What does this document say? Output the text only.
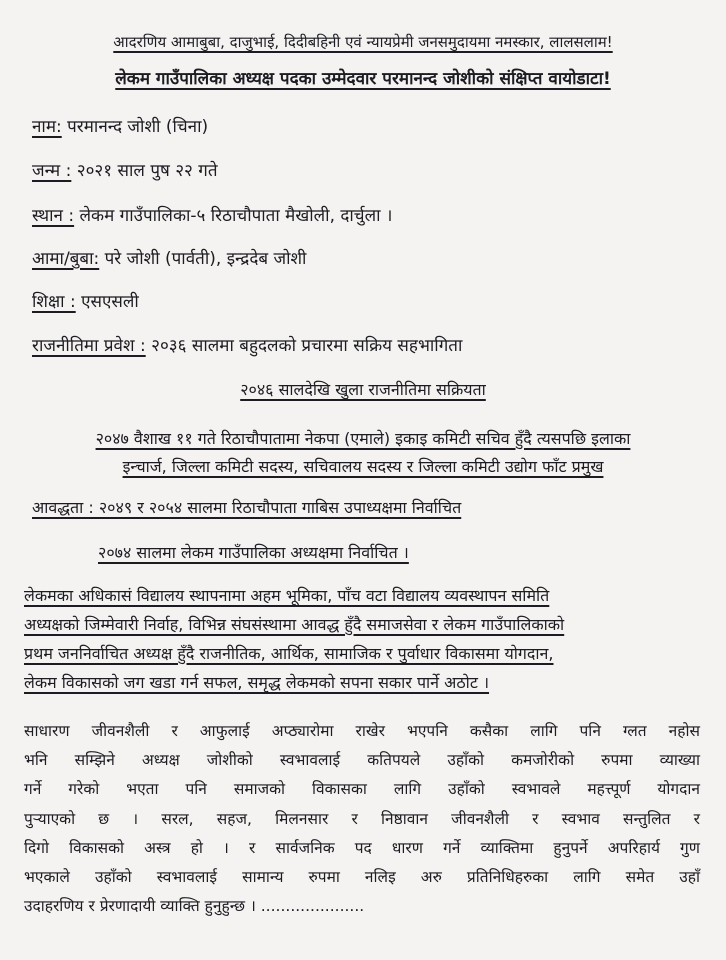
आदरणिय आमाबुबा, दाजुभाई, दिदीबहिनी एवं न्यायप्रेमी जनसमुदायमा नमस्कार, लालसलाम!
लेकम गाउँपालिका अध्यक्ष पदका उम्मेदवार परमानन्द जोशीको संक्षिप्त वायोडाटा!
नाम: परमानन्द जोशी (चिना)
जन्म : २०२१ साल पुष २२ गते
स्थान : लेकम गाउँपालिका-५ रिठाचौपाता मैखोली, दार्चुला ।
आमा/बुबा: परे जोशी (पार्वती), इन्द्रदेब जोशी
शिक्षा : एसएसली
राजनीतिमा प्रवेश : २०३६ सालमा बहुदलको प्रचारमा सक्रिय सहभागिता
२०४६ सालदेखि खुला राजनीतिमा सक्रियता
२०४७ वैशाख ११ गते रिठाचौपातामा नेकपा (एमाले) इकाइ कमिटी सचिव हुँदै त्यसपछि इलाका
इन्चार्ज, जिल्ला कमिटी सदस्य, सचिवालय सदस्य र जिल्ला कमिटी उद्योग फाँट प्रमुख
आवद्धता : २०४९ र २०५४ सालमा रिठाचौपाता गाबिस उपाध्यक्षमा निर्वाचित
२०७४ सालमा लेकम गाउँपालिका अध्यक्षमा निर्वाचित ।
लेकमका अधिकासं विद्यालय स्थापनामा अहम भूमिका, पाँच वटा विद्यालय व्यवस्थापन समिति
अध्यक्षको जिम्मेवारी निर्वाह, विभिन्न संघसंस्थामा आवद्ध हुँदै समाजसेवा र लेकम गाउँपालिकाको
प्रथम जननिर्वाचित अध्यक्ष हुँदै राजनीतिक, आर्थिक, सामाजिक र पुर्वाधार विकासमा योगदान,
लेकम विकासको जग खडा गर्न सफल, समृद्ध लेकमको सपना सकार पार्ने अठोट ।
साधारण जीवनशैली र आफुलाई अप्ठ्यारोमा राखेर भएपनि कसैका लागि पनि ग्लत नहोस
भनि सम्झिने अध्यक्ष जोशीको स्वभावलाई कतिपयले उहाँको कमजोरीको रुपमा व्याख्या
गर्ने गरेको भएता पनि समाजको विकासका लागि उहाँको स्वभावले महत्त्पूर्ण योगदान
पुऱ्याएको छ । सरल, सहज, मिलनसार र निष्ठावान जीवनशैली र स्वभाव सन्तुलित र
दिगो विकासको अस्त्र हो । र सार्वजनिक पद धारण गर्ने व्याक्तिमा हुनुपर्ने अपरिहार्य गुण
भएकाले उहाँको स्वभावलाई सामान्य रुपमा नलिइ अरु प्रतिनिधिहरुका लागि समेत उहाँ
उदाहरणिय र प्रेरणादायी व्याक्ति हुनुहुन्छ । .....................
